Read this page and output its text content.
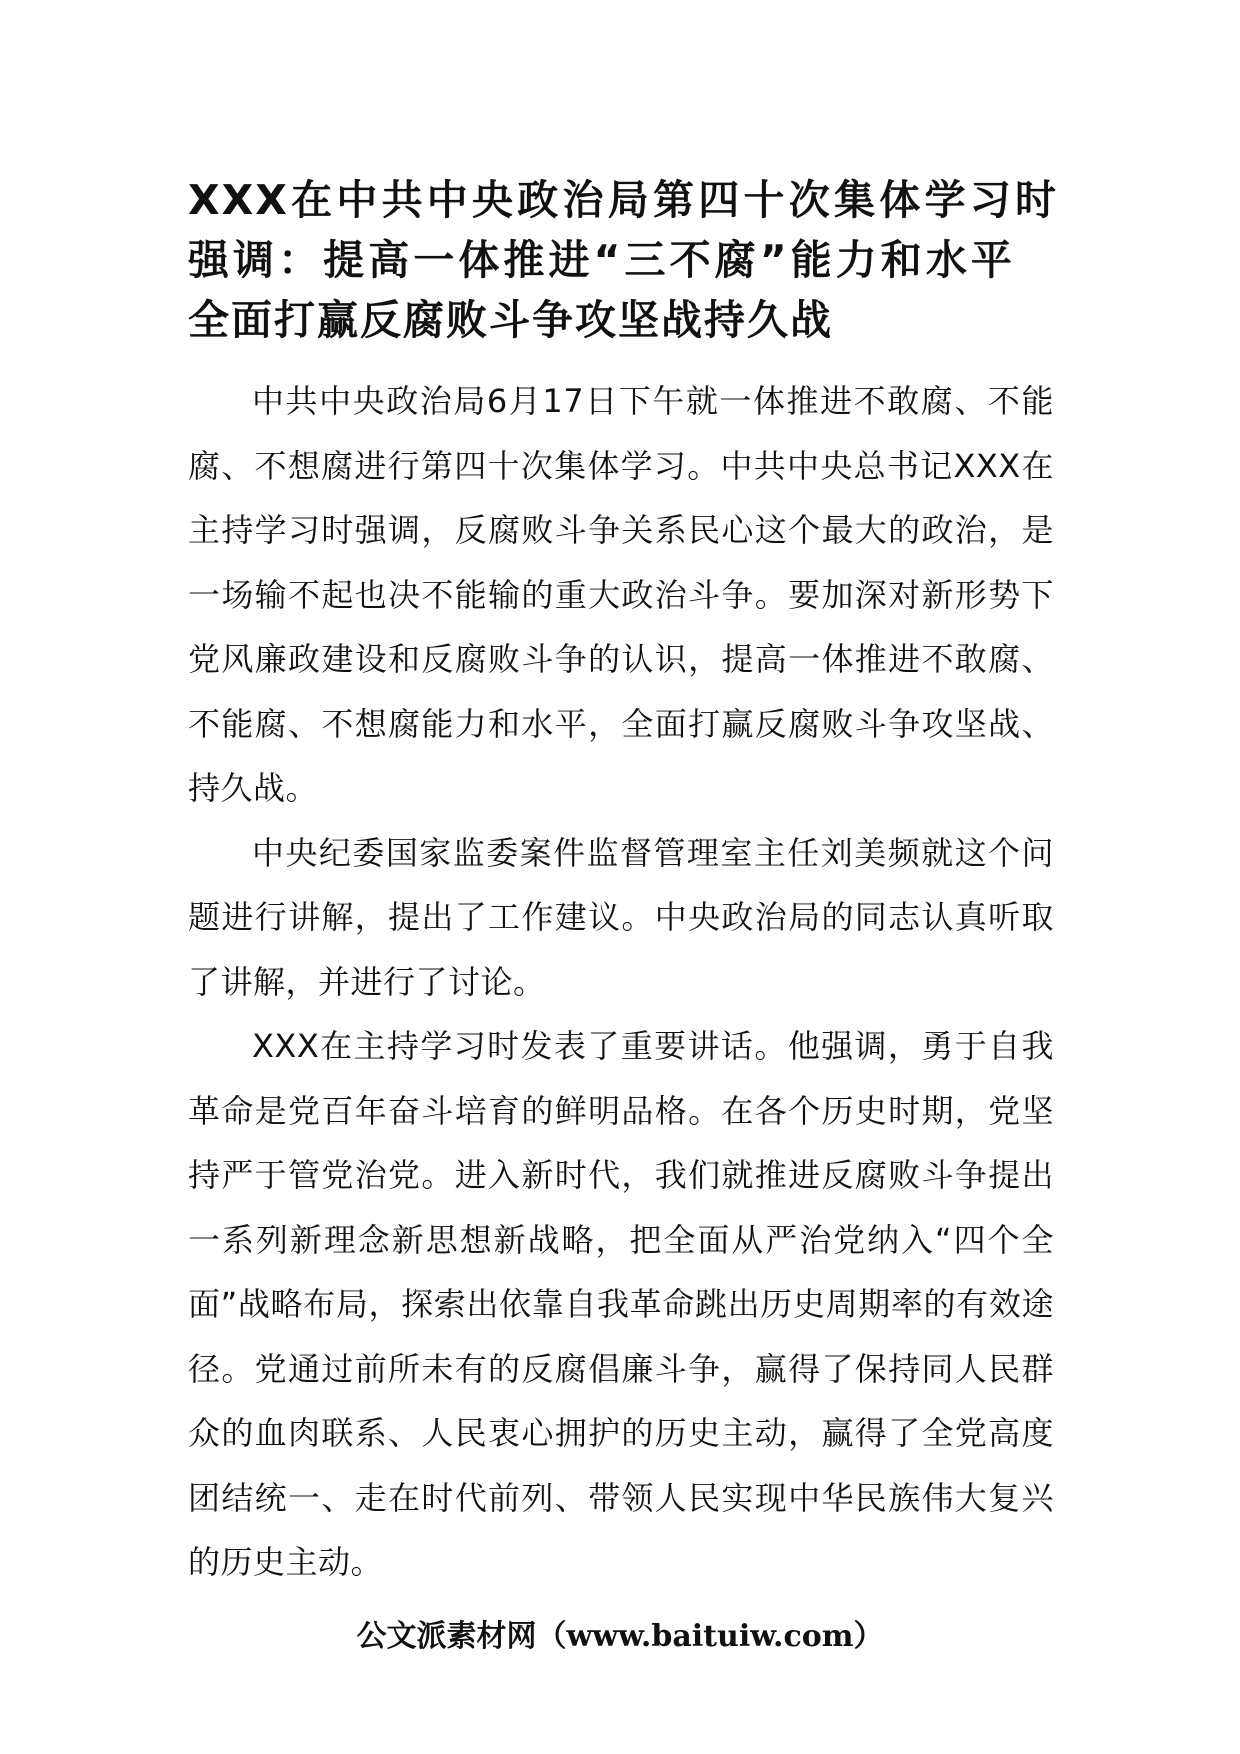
XXX在中共中央政治局第四十次集体学习时强调：提高一体推进“三不腐”能力和水平全面打赢反腐败斗争攻坚战持久战

中共中央政治局6月17日下午就一体推进不敢腐、不能腐、不想腐进行第四十次集体学习。中共中央总书记XXX在主持学习时强调，反腐败斗争关系民心这个最大的政治，是一场输不起也决不能输的重大政治斗争。要加深对新形势下党风廉政建设和反腐败斗争的认识，提高一体推进不敢腐、不能腐、不想腐能力和水平，全面打赢反腐败斗争攻坚战、持久战。

中央纪委国家监委案件监督管理室主任刘美频就这个问题进行讲解，提出了工作建议。中央政治局的同志认真听取了讲解，并进行了讨论。

XXX在主持学习时发表了重要讲话。他强调，勇于自我革命是党百年奋斗培育的鲜明品格。在各个历史时期，党坚持严于管党治党。进入新时代，我们就推进反腐败斗争提出一系列新理念新思想新战略，把全面从严治党纳入“四个全面”战略布局，探索出依靠自我革命跳出历史周期率的有效途径。党通过前所未有的反腐倡廉斗争，赢得了保持同人民群众的血肉联系、人民衷心拥护的历史主动，赢得了全党高度团结统一、走在时代前列、带领人民实现中华民族伟大复兴的历史主动。

公文派素材网（www.baituiw.com）
